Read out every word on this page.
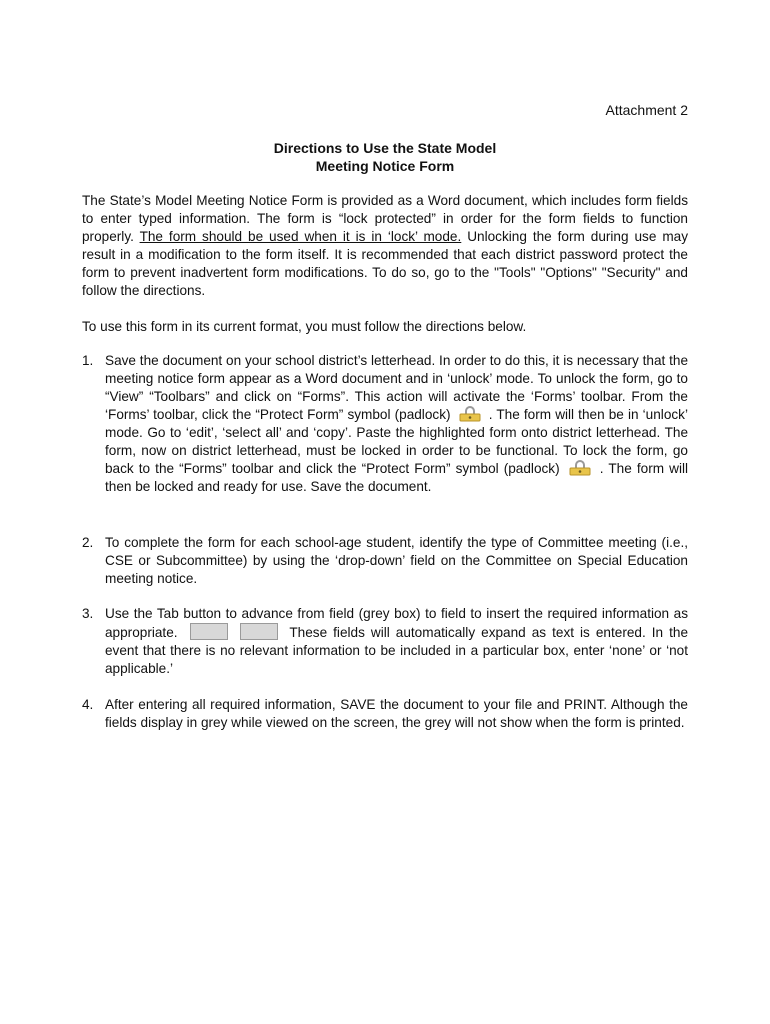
Attachment 2
Directions to Use the State Model
Meeting Notice Form
The State’s Model Meeting Notice Form is provided as a Word document, which includes form fields to enter typed information. The form is “lock protected” in order for the form fields to function properly. The form should be used when it is in ‘lock’ mode. Unlocking the form during use may result in a modification to the form itself. It is recommended that each district password protect the form to prevent inadvertent form modifications. To do so, go to the "Tools" "Options" "Security" and follow the directions.
To use this form in its current format, you must follow the directions below.
1. Save the document on your school district’s letterhead. In order to do this, it is necessary that the meeting notice form appear as a Word document and in ‘unlock’ mode. To unlock the form, go to “View” “Toolbars” and click on “Forms”. This action will activate the ‘Forms’ toolbar. From the ‘Forms’ toolbar, click the “Protect Form” symbol (padlock)	. The form will then be in ‘unlock’ mode. Go to ‘edit’, ‘select all’ and ‘copy’. Paste the highlighted form onto district letterhead. The form, now on district letterhead, must be locked in order to be functional. To lock the form, go back to the “Forms” toolbar and click the “Protect Form” symbol (padlock)	. The form will then be locked and ready for use. Save the document.
2. To complete the form for each school-age student, identify the type of Committee meeting (i.e., CSE or Subcommittee) by using the ‘drop-down’ field on the Committee on Special Education meeting notice.
3. Use the Tab button to advance from field (grey box) to field to insert the required information as appropriate.	These fields will automatically expand as text is entered. In the event that there is no relevant information to be included in a particular box, enter ‘none’ or ‘not applicable.’
4. After entering all required information, SAVE the document to your file and PRINT. Although the fields display in grey while viewed on the screen, the grey will not show when the form is printed.
